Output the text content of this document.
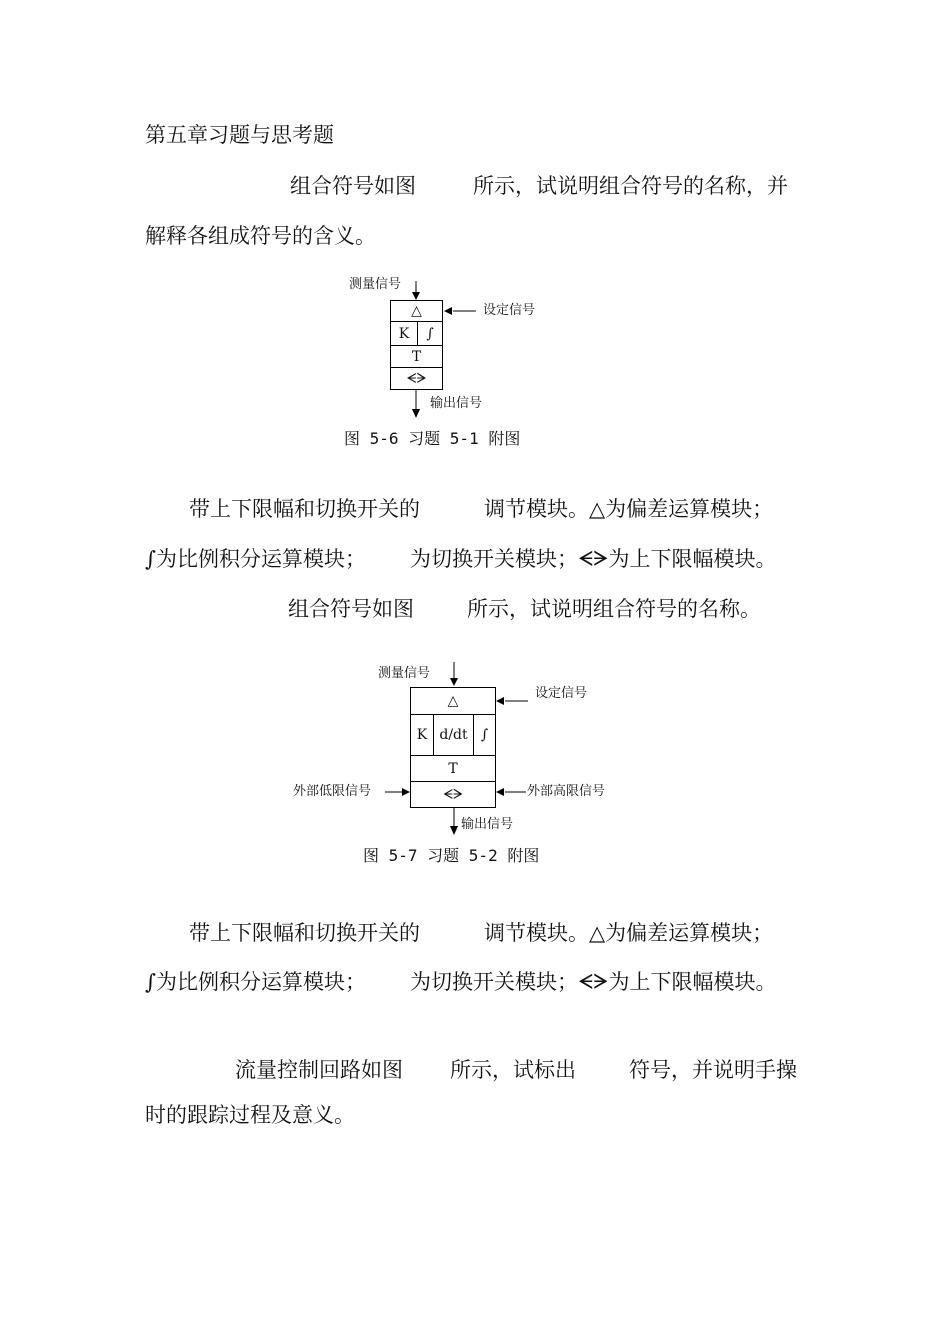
第五章习题与思考题
组合符号如图	所示，试说明组合符号的名称，并
解释各组成符号的含义。
测量信号
设定信号
输出信号
△
K	∫
T
ᗕᗒ
图 5-6 习题 5-1 附图
带上下限幅和切换开关的	调节模块。△为偏差运算模块；
∫为比例积分运算模块； 为切换开关模块；ᗕᗒ为上下限幅模块。
组合符号如图	所示，试说明组合符号的名称。
测量信号
设定信号
外部低限信号	外部高限信号
输出信号
△
K d/dt ∫
T
ᗕᗒ
图 5-7 习题 5-2 附图
带上下限幅和切换开关的	调节模块。△为偏差运算模块；
∫为比例积分运算模块； 为切换开关模块；ᗕᗒ为上下限幅模块。
流量控制回路如图 所示，试标出	符号，并说明手操
时的跟踪过程及意义。
